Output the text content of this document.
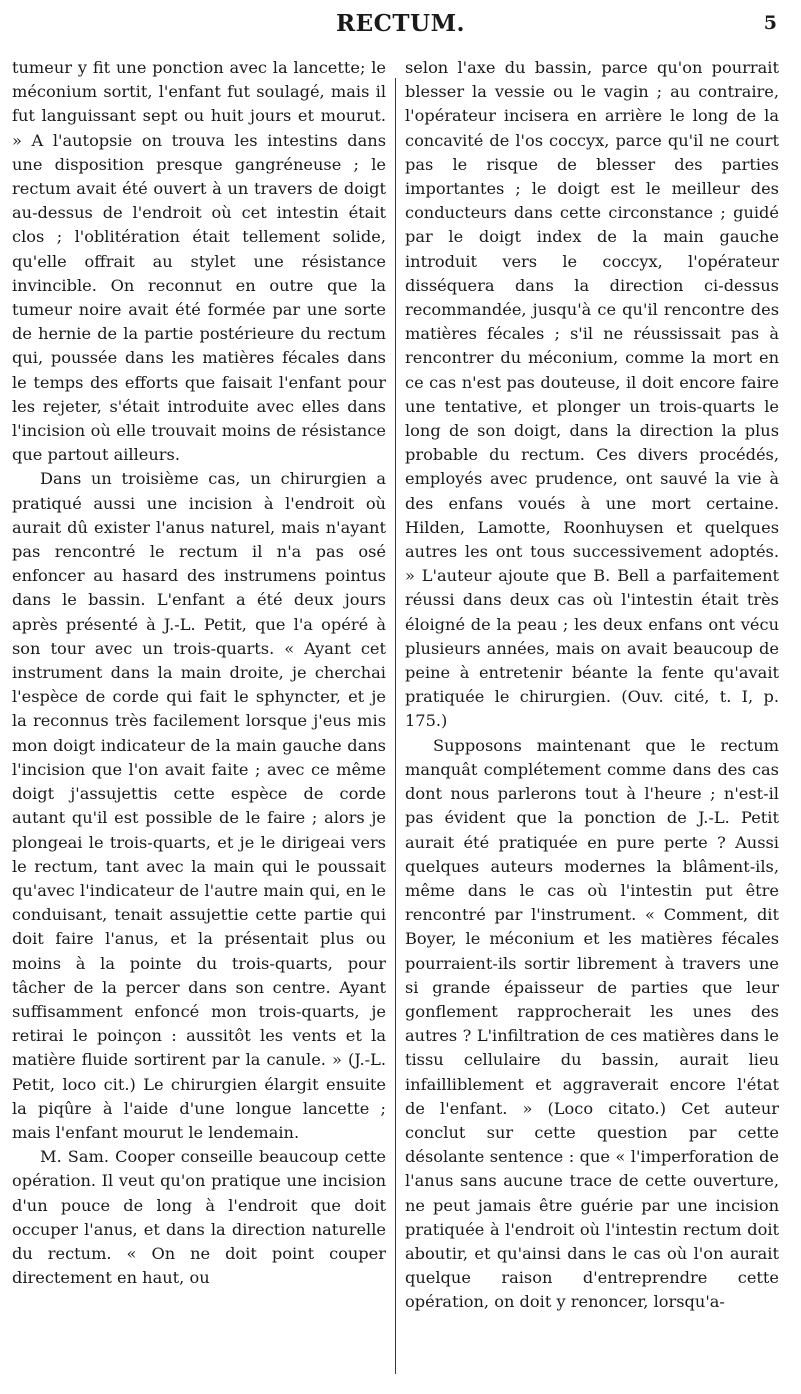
RECTUM.	5

tumeur y fit une ponction avec la lancette; le méconium sortit, l'enfant fut soulagé, mais il fut languissant sept ou huit jours et mourut. » A l'autopsie on trouva les intestins dans une disposition presque gangréneuse ; le rectum avait été ouvert à un travers de doigt au-dessus de l'endroit où cet intestin était clos ; l'oblitération était tellement solide, qu'elle offrait au stylet une résistance invincible. On reconnut en outre que la tumeur noire avait été formée par une sorte de hernie de la partie postérieure du rectum qui, poussée dans les matières fécales dans le temps des efforts que faisait l'enfant pour les rejeter, s'était introduite avec elles dans l'incision où elle trouvait moins de résistance que partout ailleurs.

Dans un troisième cas, un chirurgien a pratiqué aussi une incision à l'endroit où aurait dû exister l'anus naturel, mais n'ayant pas rencontré le rectum il n'a pas osé enfoncer au hasard des instrumens pointus dans le bassin. L'enfant a été deux jours après présenté à J.-L. Petit, que l'a opéré à son tour avec un trois-quarts. « Ayant cet instrument dans la main droite, je cherchai l'espèce de corde qui fait le sphyncter, et je la reconnus très facilement lorsque j'eus mis mon doigt indicateur de la main gauche dans l'incision que l'on avait faite ; avec ce même doigt j'assujettis cette espèce de corde autant qu'il est possible de le faire ; alors je plongeai le trois-quarts, et je le dirigeai vers le rectum, tant avec la main qui le poussait qu'avec l'indicateur de l'autre main qui, en le conduisant, tenait assujettie cette partie qui doit faire l'anus, et la présentait plus ou moins à la pointe du trois-quarts, pour tâcher de la percer dans son centre. Ayant suffisamment enfoncé mon trois-quarts, je retirai le poinçon : aussitôt les vents et la matière fluide sortirent par la canule. » (J.-L. Petit, loco cit.) Le chirurgien élargit ensuite la piqûre à l'aide d'une longue lancette ; mais l'enfant mourut le lendemain.

M. Sam. Cooper conseille beaucoup cette opération. Il veut qu'on pratique une incision d'un pouce de long à l'endroit que doit occuper l'anus, et dans la direction naturelle du rectum. « On ne doit point couper directement en haut, ou

selon l'axe du bassin, parce qu'on pourrait blesser la vessie ou le vagin ; au contraire, l'opérateur incisera en arrière le long de la concavité de l'os coccyx, parce qu'il ne court pas le risque de blesser des parties importantes ; le doigt est le meilleur des conducteurs dans cette circonstance ; guidé par le doigt index de la main gauche introduit vers le coccyx, l'opérateur disséquera dans la direction ci-dessus recommandée, jusqu'à ce qu'il rencontre des matières fécales ; s'il ne réussissait pas à rencontrer du méconium, comme la mort en ce cas n'est pas douteuse, il doit encore faire une tentative, et plonger un trois-quarts le long de son doigt, dans la direction la plus probable du rectum. Ces divers procédés, employés avec prudence, ont sauvé la vie à des enfans voués à une mort certaine. Hilden, Lamotte, Roonhuysen et quelques autres les ont tous successivement adoptés. » L'auteur ajoute que B. Bell a parfaitement réussi dans deux cas où l'intestin était très éloigné de la peau ; les deux enfans ont vécu plusieurs années, mais on avait beaucoup de peine à entretenir béante la fente qu'avait pratiquée le chirurgien. (Ouv. cité, t. I, p. 175.)

Supposons maintenant que le rectum manquât complétement comme dans des cas dont nous parlerons tout à l'heure ; n'est-il pas évident que la ponction de J.-L. Petit aurait été pratiquée en pure perte ? Aussi quelques auteurs modernes la blâment-ils, même dans le cas où l'intestin put être rencontré par l'instrument. « Comment, dit Boyer, le méconium et les matières fécales pourraient-ils sortir librement à travers une si grande épaisseur de parties que leur gonflement rapprocherait les unes des autres ? L'infiltration de ces matières dans le tissu cellulaire du bassin, aurait lieu infailliblement et aggraverait encore l'état de l'enfant. » (Loco citato.) Cet auteur conclut sur cette question par cette désolante sentence : que « l'imperforation de l'anus sans aucune trace de cette ouverture, ne peut jamais être guérie par une incision pratiquée à l'endroit où l'intestin rectum doit aboutir, et qu'ainsi dans le cas où l'on aurait quelque raison d'entreprendre cette opération, on doit y renoncer, lorsqu'a-
